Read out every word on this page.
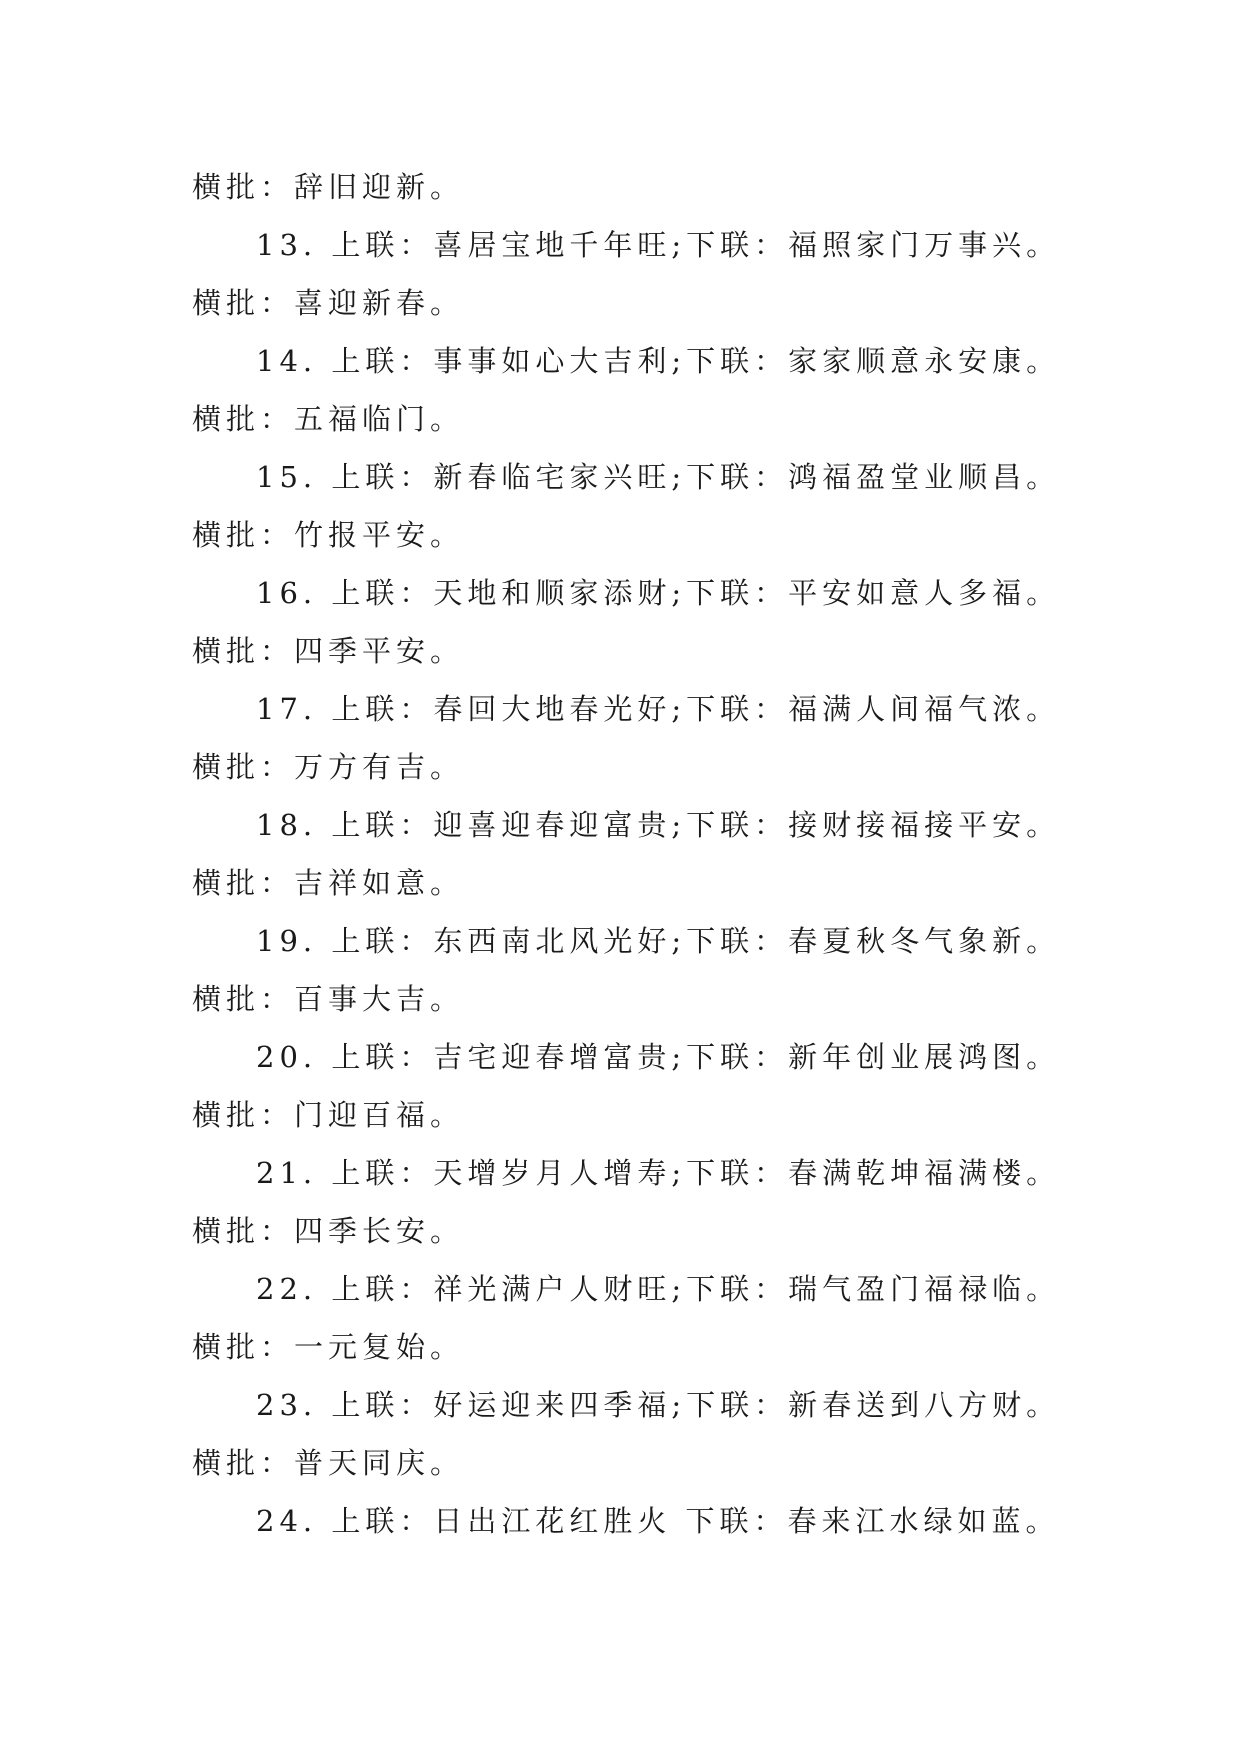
横批：辞旧迎新。
13. 上联：喜居宝地千年旺;下联：福照家门万事兴。
横批：喜迎新春。
14. 上联：事事如心大吉利;下联：家家顺意永安康。
横批：五福临门。
15. 上联：新春临宅家兴旺;下联：鸿福盈堂业顺昌。
横批：竹报平安。
16. 上联：天地和顺家添财;下联：平安如意人多福。
横批：四季平安。
17. 上联：春回大地春光好;下联：福满人间福气浓。
横批：万方有吉。
18. 上联：迎喜迎春迎富贵;下联：接财接福接平安。
横批：吉祥如意。
19. 上联：东西南北风光好;下联：春夏秋冬气象新。
横批：百事大吉。
20. 上联：吉宅迎春增富贵;下联：新年创业展鸿图。
横批：门迎百福。
21. 上联：天增岁月人增寿;下联：春满乾坤福满楼。
横批：四季长安。
22. 上联：祥光满户人财旺;下联：瑞气盈门福禄临。
横批：一元复始。
23. 上联：好运迎来四季福;下联：新春送到八方财。
横批：普天同庆。
24. 上联：日出江花红胜火 下联：春来江水绿如蓝。
